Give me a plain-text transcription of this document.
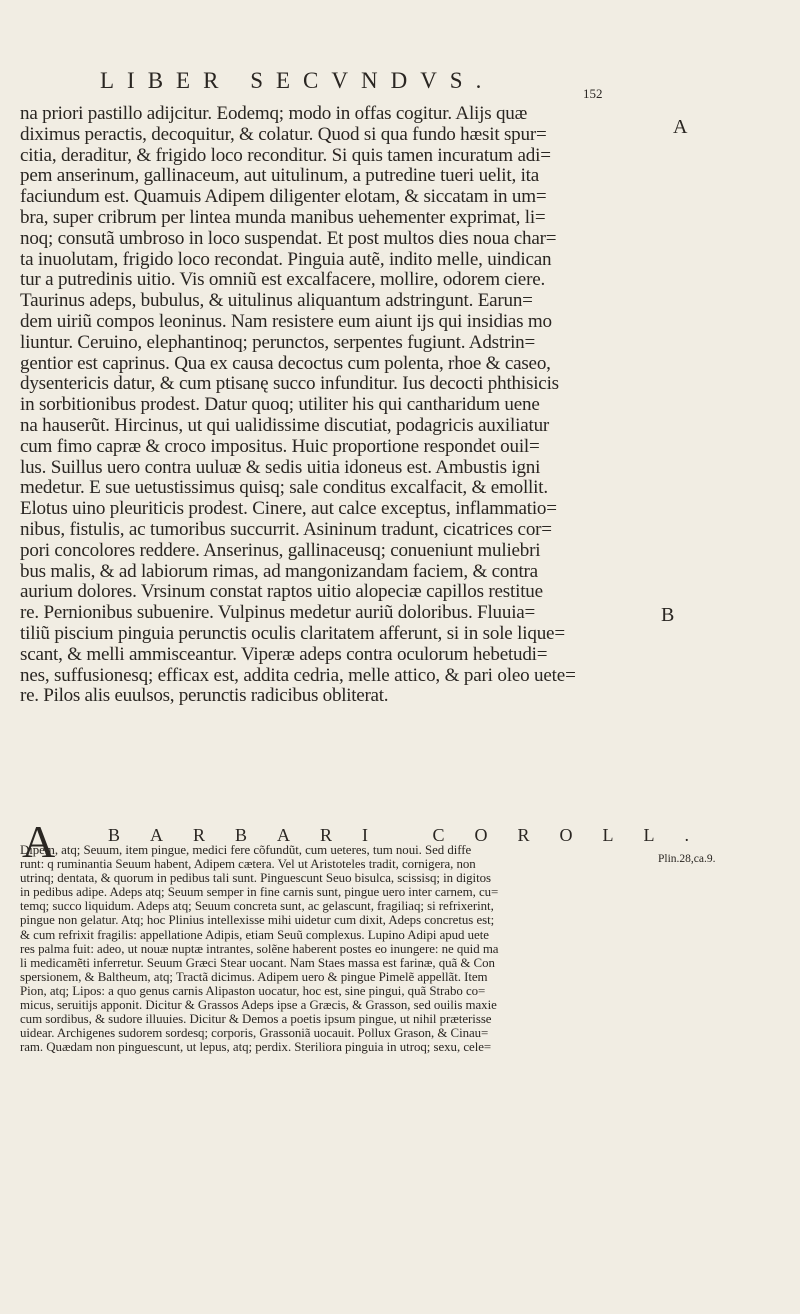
LIBER SECVNDVS.
152
A
B
Plin.28,ca.9.
na priori pastillo adijcitur. Eodemq; modo in offas cogitur. Alijs quæ
diximus peractis, decoquitur, & colatur. Quod si qua fundo hæsit spur=
citia, deraditur, & frigido loco reconditur. Si quis tamen incuratum adi=
pem anserinum, gallinaceum, aut uitulinum, a putredine tueri uelit, ita
faciundum est. Quamuis Adipem diligenter elotam, & siccatam in um=
bra, super cribrum per lintea munda manibus uehementer exprimat, li=
noq; consutã umbroso in loco suspendat. Et post multos dies noua char=
ta inuolutam, frigido loco recondat. Pinguia autẽ, indito melle, uindican
tur a putredinis uitio. Vis omniũ est excalfacere, mollire, odorem ciere.
Taurinus adeps, bubulus, & uitulinus aliquantum adstringunt. Earun=
dem uiriũ compos leoninus. Nam resistere eum aiunt ijs qui insidias mo
liuntur. Ceruino, elephantinoq; perunctos, serpentes fugiunt. Adstrin=
gentior est caprinus. Qua ex causa decoctus cum polenta, rhoe & caseo,
dysentericis datur, & cum ptisanę succo infunditur. Ius decocti phthisicis
in sorbitionibus prodest. Datur quoq; utiliter his qui cantharidum uene
na hauserũt. Hircinus, ut qui ualidissime discutiat, podagricis auxiliatur
cum fimo capræ & croco impositus. Huic proportione respondet ouil=
lus. Suillus uero contra uuluæ & sedis uitia idoneus est. Ambustis igni
medetur. E sue uetustissimus quisq; sale conditus excalfacit, & emollit.
Elotus uino pleuriticis prodest. Cinere, aut calce exceptus, inflammatio=
nibus, fistulis, ac tumoribus succurrit. Asininum tradunt, cicatrices cor=
pori concolores reddere. Anserinus, gallinaceusq; conueniunt muliebri
bus malis, & ad labiorum rimas, ad mangonizandam faciem, & contra
aurium dolores. Vrsinum constat raptos uitio alopeciæ capillos restitue
re. Pernionibus subuenire. Vulpinus medetur auriũ doloribus. Fluuia=
tiliũ piscium pinguia perunctis oculis claritatem afferunt, si in sole lique=
scant, & melli ammisceantur. Viperæ adeps contra oculorum hebetudi=
nes, suffusionesq; efficax est, addita cedria, melle attico, & pari oleo uete=
re. Pilos alis euulsos, perunctis radicibus obliterat.
A	BARBARI COROLL.
Dipem, atq; Seuum, item pingue, medici fere cõfundũt, cum ueteres, tum noui. Sed diffe
runt: q ruminantia Seuum habent, Adipem cætera. Vel ut Aristoteles tradit, cornigera, non
utrinq; dentata, & quorum in pedibus tali sunt. Pinguescunt Seuo bisulca, scissisq; in digitos
in pedibus adipe. Adeps atq; Seuum semper in fine carnis sunt, pingue uero inter carnem, cu=
temq; succo liquidum. Adeps atq; Seuum concreta sunt, ac gelascunt, fragiliaq; si refrixerint,
pingue non gelatur. Atq; hoc Plinius intellexisse mihi uidetur cum dixit, Adeps concretus est;
& cum refrixit fragilis: appellatione Adipis, etiam Seuũ complexus. Lupino Adipi apud uete
res palma fuit: adeo, ut nouæ nuptæ intrantes, solẽne haberent postes eo inungere: ne quid ma
li medicamẽti inferretur. Seuum Græci Stear uocant. Nam Staes massa est farinæ, quã & Con
spersionem, & Baltheum, atq; Tractã dicimus. Adipem uero & pingue Pimelẽ appellãt. Item
Pion, atq; Lipos: a quo genus carnis Alipaston uocatur, hoc est, sine pingui, quã Strabo co=
micus, seruitijs apponit. Dicitur & Grassos Adeps ipse a Græcis, & Grasson, sed ouilis maxie
cum sordibus, & sudore illuuies. Dicitur & Demos a poetis ipsum pingue, ut nihil præterisse
uidear. Archigenes sudorem sordesq; corporis, Grassoniã uocauit. Pollux Grason, & Cinau=
ram. Quædam non pinguescunt, ut lepus, atq; perdix. Steriliora pinguia in utroq; sexu, cele=
